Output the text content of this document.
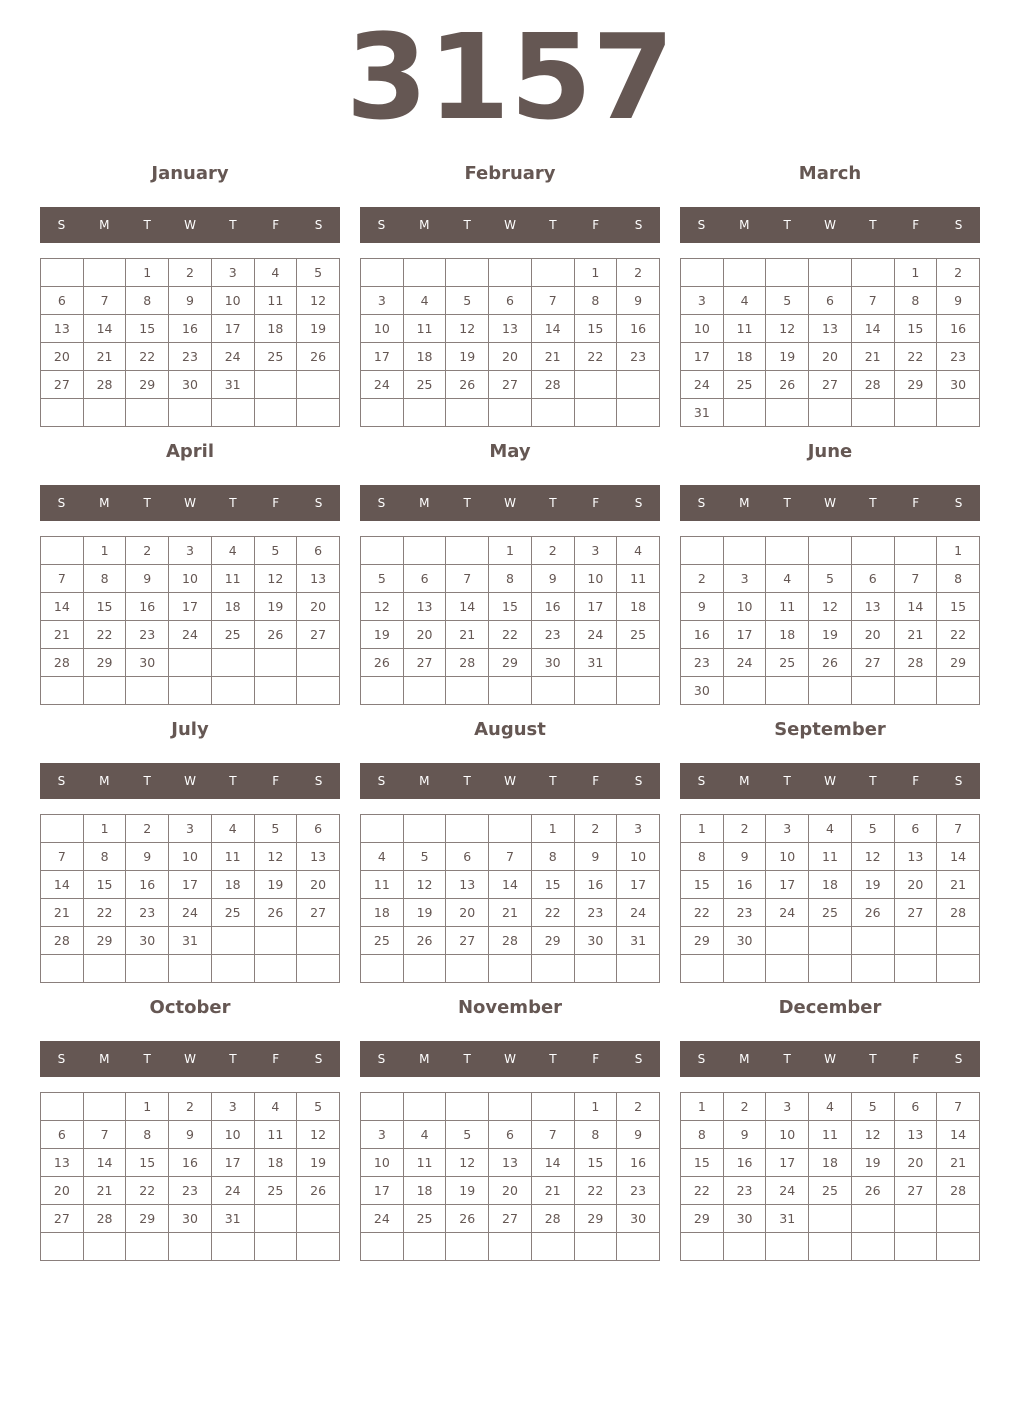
3157
January
S	M	T	W	T	F	S
		1	2	3	4	5
6	7	8	9	10	11	12
13	14	15	16	17	18	19
20	21	22	23	24	25	26
27	28	29	30	31		

February
S	M	T	W	T	F	S
					1	2
3	4	5	6	7	8	9
10	11	12	13	14	15	16
17	18	19	20	21	22	23
24	25	26	27	28		

March
S	M	T	W	T	F	S
					1	2
3	4	5	6	7	8	9
10	11	12	13	14	15	16
17	18	19	20	21	22	23
24	25	26	27	28	29	30
31						
April
S	M	T	W	T	F	S
	1	2	3	4	5	6
7	8	9	10	11	12	13
14	15	16	17	18	19	20
21	22	23	24	25	26	27
28	29	30				

May
S	M	T	W	T	F	S
			1	2	3	4
5	6	7	8	9	10	11
12	13	14	15	16	17	18
19	20	21	22	23	24	25
26	27	28	29	30	31	

June
S	M	T	W	T	F	S
						1
2	3	4	5	6	7	8
9	10	11	12	13	14	15
16	17	18	19	20	21	22
23	24	25	26	27	28	29
30						
July
S	M	T	W	T	F	S
	1	2	3	4	5	6
7	8	9	10	11	12	13
14	15	16	17	18	19	20
21	22	23	24	25	26	27
28	29	30	31			

August
S	M	T	W	T	F	S
				1	2	3
4	5	6	7	8	9	10
11	12	13	14	15	16	17
18	19	20	21	22	23	24
25	26	27	28	29	30	31

September
S	M	T	W	T	F	S
1	2	3	4	5	6	7
8	9	10	11	12	13	14
15	16	17	18	19	20	21
22	23	24	25	26	27	28
29	30					

October
S	M	T	W	T	F	S
		1	2	3	4	5
6	7	8	9	10	11	12
13	14	15	16	17	18	19
20	21	22	23	24	25	26
27	28	29	30	31		

November
S	M	T	W	T	F	S
					1	2
3	4	5	6	7	8	9
10	11	12	13	14	15	16
17	18	19	20	21	22	23
24	25	26	27	28	29	30

December
S	M	T	W	T	F	S
1	2	3	4	5	6	7
8	9	10	11	12	13	14
15	16	17	18	19	20	21
22	23	24	25	26	27	28
29	30	31				
